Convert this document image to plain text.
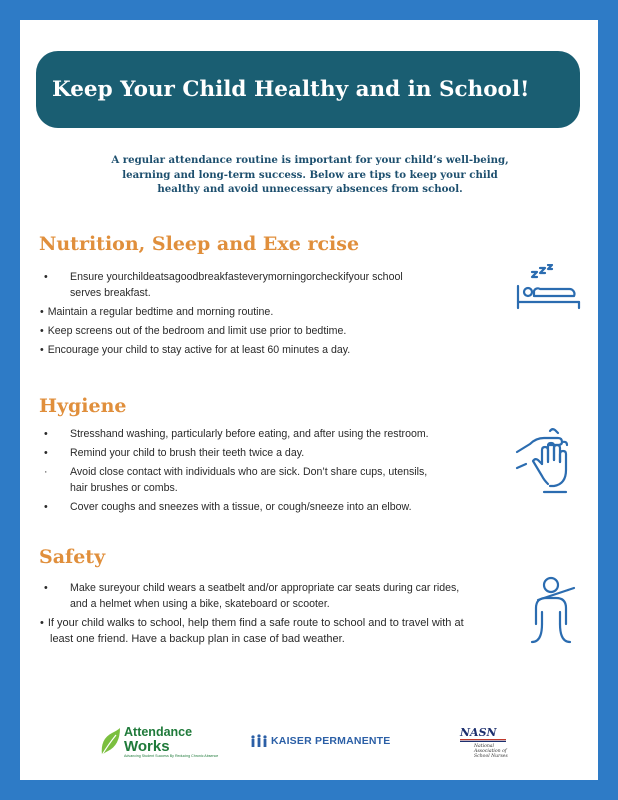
Keep Your Child Healthy and in School!
A regular attendance routine is important for your child’s well-being,
learning and long-term success. Below are tips to keep your child
healthy and avoid unnecessary absences from school.
Nutrition, Sleep and Exe rcise
• Ensure yourchildeatsagoodbreakfasteverymorningorcheckifyour school
serves breakfast.
• Maintain a regular bedtime and morning routine.
• Keep screens out of the bedroom and limit use prior to bedtime.
• Encourage your child to stay active for at least 60 minutes a day.
Hygiene
• Stresshand washing, particularly before eating, and after using the restroom.
• Remind your child to brush their teeth twice a day.
· Avoid close contact with individuals who are sick. Don’t share cups, utensils,
hair brushes or combs.
• Cover coughs and sneezes with a tissue, or cough/sneeze into an elbow.
Safety
• Make sureyour child wears a seatbelt and/or appropriate car seats during car rides,
and a helmet when using a bike, skateboard or scooter.
• If your child walks to school, help them find a safe route to school and to travel with at
least one friend. Have a backup plan in case of bad weather.
Attendance
Works
Advancing Student Success By Reducing Chronic Absence
KAISER PERMANENTE
NASN
National
Association of
School Nurses
